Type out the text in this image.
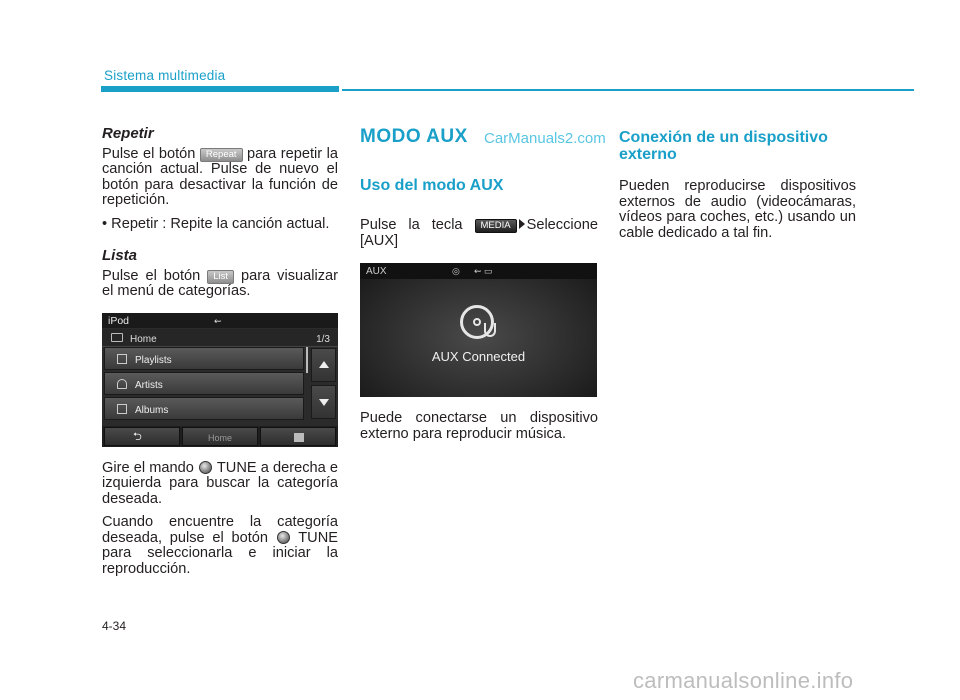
Sistema multimedia
Repetir

Pulse el botón Repeat para repetir la canción actual. Pulse de nuevo el botón para desactivar la función de repetición.

• Repetir : Repite la canción actual.

Lista

Pulse el botón List para visualizar el menú de categorías.

iPod	⇜
Home	1/3
Playlists
Artists
Albums
⮌	Home

Gire el mando  TUNE a derecha e izquierda para buscar la categoría deseada.

Cuando encuentre la categoría deseada, pulse el botón  TUNE para seleccionarla e iniciar la reproducción.

MODO AUX	CarManuals2.com
Uso del modo AUX

Pulse la tecla MEDIA Seleccione [AUX]

AUX	◎ ⇜ ▭
AUX Connected

Puede conectarse un dispositivo externo para reproducir música.

Conexión de un dispositivo externo

Pueden reproducirse dispositivos externos de audio (videocámaras, vídeos para coches, etc.) usando un cable dedicado a tal fin.

4-34
carmanualsonline.info
